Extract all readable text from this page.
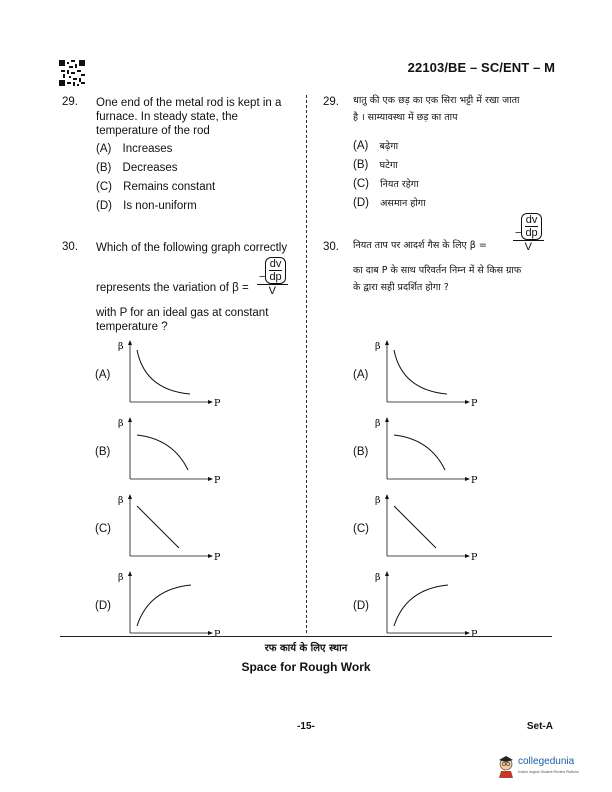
22103/BE – SC/ENT – M
29. One end of the metal rod is kept in a furnace. In steady state, the temperature of the rod
(A) Increases
(B) Decreases
(C) Remains constant
(D) Is non-uniform
30. Which of the following graph correctly
represents the variation of $\beta = \frac{- \frac{dv}{dp}}{V}$
with P for an ideal gas at constant temperature ?
29. धातु की एक छड़ का एक सिरा भट्टी में रखा जाता
है । साम्यावस्था में छड़ का ताप
(A) बढ़ेगा
(B) घटेगा
(C) नियत रहेगा
(D) असमान होगा
30. नियत ताप पर आदर्श गैस के लिए $\beta = \frac{- \frac{dv}{dp}}{V}$
का दाब P के साथ परिवर्तन निम्न में से किस ग्राफ
के द्वारा सही प्रदर्शित होगा ?
(A)
(B)
(C)
(D)
(A)
(B)
(C)
(D)
β
P
β
P
β
P
β
P
β
P
β
P
β
P
β
P
रफ कार्य के लिए स्थान
Space for Rough Work
-15-	Set-A
collegedunia
India's largest Student Review Platform
